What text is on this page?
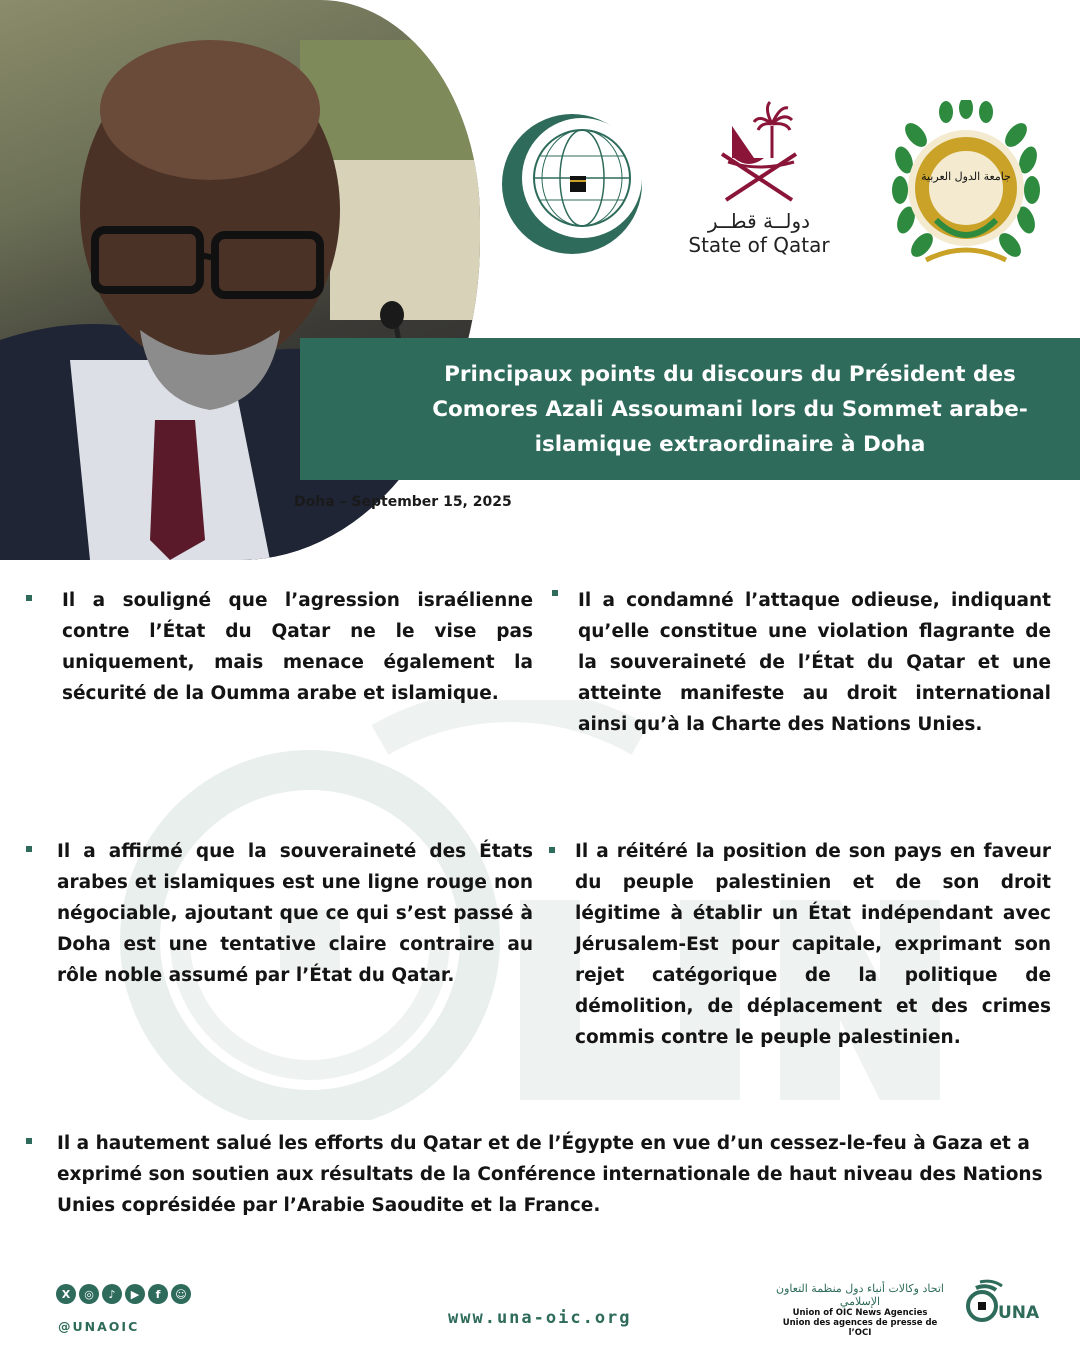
دولــة قطــر
State of Qatar
جامعة الدول العربية
Principaux points du discours du Président des Comores Azali Assoumani lors du Sommet arabe-islamique extraordinaire à Doha
Doha – September 15, 2025
Il a souligné que l’agression israélienne contre l’État du Qatar ne le vise pas uniquement, mais menace également la sécurité de la Oumma arabe et islamique.
Il a condamné l’attaque odieuse, indiquant qu’elle constitue une violation flagrante de la souveraineté de l’État du Qatar et une atteinte manifeste au droit international ainsi qu’à la Charte des Nations Unies.
Il a affirmé que la souveraineté des États arabes et islamiques est une ligne rouge non négociable, ajoutant que ce qui s’est passé à Doha est une tentative claire contraire au rôle noble assumé par l’État du Qatar.
Il a réitéré la position de son pays en faveur du peuple palestinien et de son droit légitime à établir un État indépendant avec Jérusalem-Est pour capitale, exprimant son rejet catégorique de la politique de démolition, de déplacement et des crimes commis contre le peuple palestinien.
Il a hautement salué les efforts du Qatar et de l’Égypte en vue d’un cessez-le-feu à Gaza et a exprimé son soutien aux résultats de la Conférence internationale de haut niveau des Nations Unies coprésidée par l’Arabie Saoudite et la France.
X	◎	♪	▶	f	☺
@UNAOIC	www.una-oic.org
اتحاد وكالات أنباء دول منظمة التعاون الإسلامي
Union of OIC News Agencies
Union des agences de presse de l’OCI
UNA
